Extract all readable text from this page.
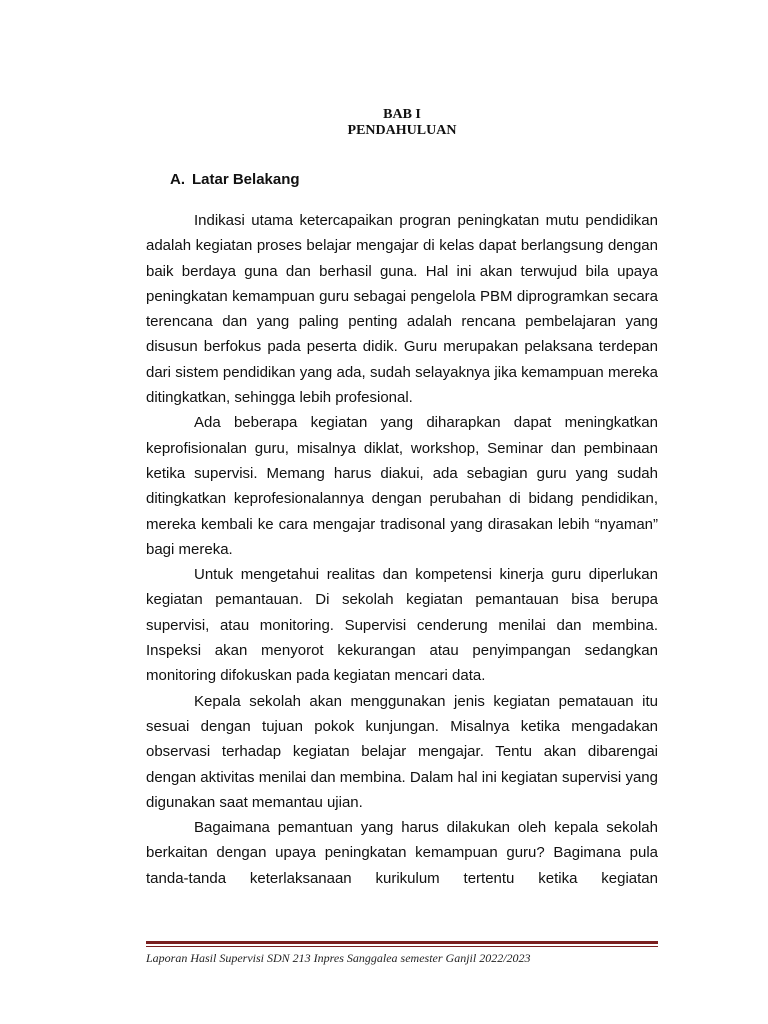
BAB I
PENDAHULUAN
A. Latar Belakang

Indikasi utama ketercapaikan progran peningkatan mutu pendidikan adalah kegiatan proses belajar mengajar di kelas dapat berlangsung dengan baik berdaya guna dan berhasil guna. Hal ini akan terwujud bila upaya peningkatan kemampuan guru sebagai pengelola PBM diprogramkan secara terencana dan yang paling penting adalah rencana pembelajaran yang disusun berfokus pada peserta didik. Guru merupakan pelaksana terdepan dari sistem pendidikan yang ada, sudah selayaknya jika kemampuan mereka ditingkatkan, sehingga lebih profesional.

Ada beberapa kegiatan yang diharapkan dapat meningkatkan keprofisionalan guru, misalnya diklat, workshop, Seminar dan pembinaan ketika supervisi. Memang harus diakui, ada sebagian guru yang sudah ditingkatkan keprofesionalannya dengan perubahan di bidang pendidikan, mereka kembali ke cara mengajar tradisonal yang dirasakan lebih “nyaman” bagi mereka.

Untuk mengetahui realitas dan kompetensi kinerja guru diperlukan kegiatan pemantauan. Di sekolah kegiatan pemantauan bisa berupa supervisi, atau monitoring. Supervisi cenderung menilai dan membina. Inspeksi akan menyorot kekurangan atau penyimpangan sedangkan monitoring difokuskan pada kegiatan mencari data.

Kepala sekolah akan menggunakan jenis kegiatan pematauan itu sesuai dengan tujuan pokok kunjungan. Misalnya ketika mengadakan observasi terhadap kegiatan belajar mengajar. Tentu akan dibarengai dengan aktivitas menilai dan membina. Dalam hal ini kegiatan supervisi yang digunakan saat memantau ujian.

Bagaimana pemantuan yang harus dilakukan oleh kepala sekolah berkaitan dengan upaya peningkatan kemampuan guru? Bagimana pula tanda-tanda keterlaksanaan kurikulum tertentu ketika kegiatan

Laporan Hasil Supervisi SDN 213 Inpres Sanggalea semester Ganjil 2022/2023
